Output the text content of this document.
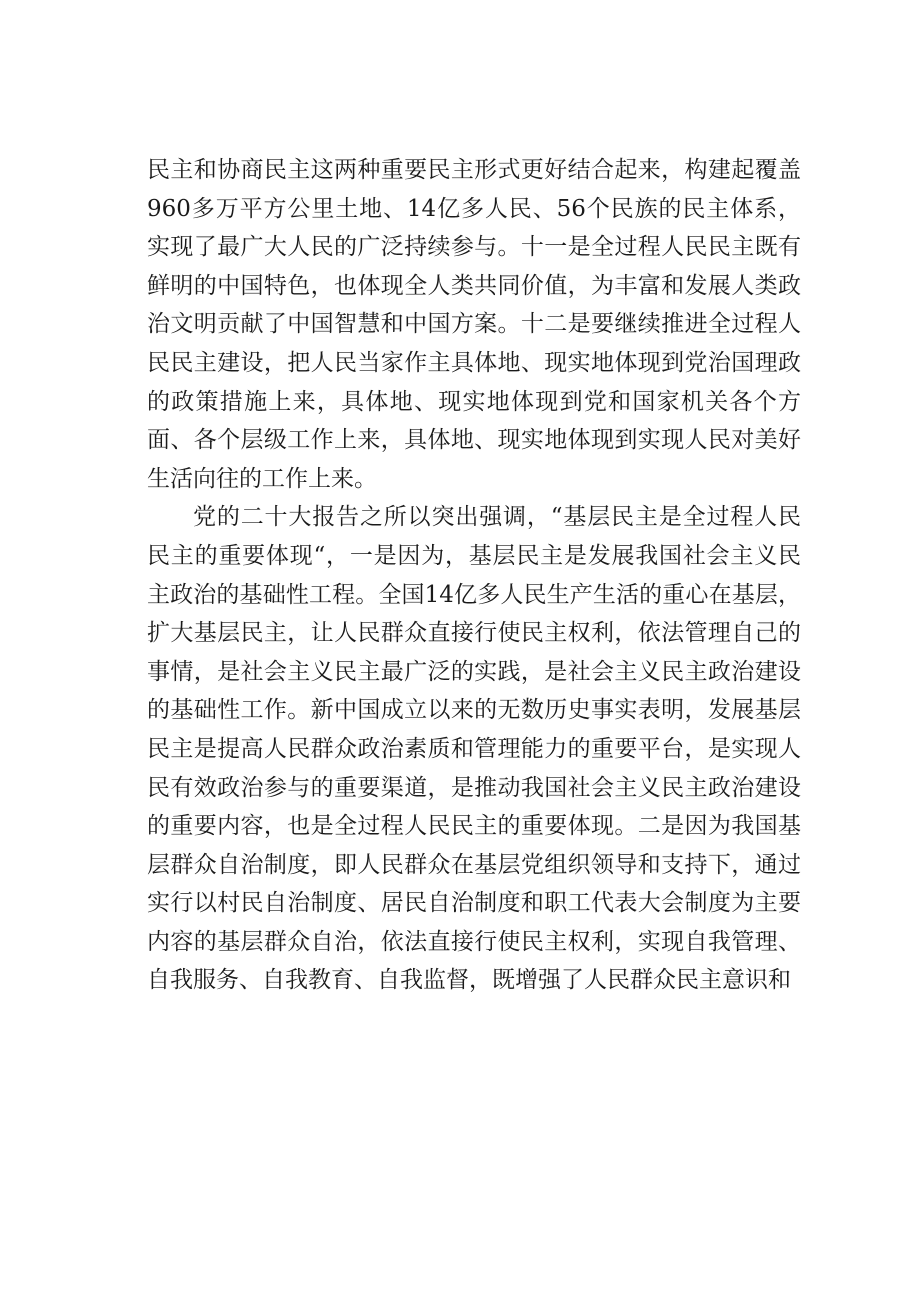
民主和协商民主这两种重要民主形式更好结合起来，构建起覆盖960多万平方公里土地、14亿多人民、56个民族的民主体系，实现了最广大人民的广泛持续参与。十一是全过程人民民主既有鲜明的中国特色，也体现全人类共同价值，为丰富和发展人类政治文明贡献了中国智慧和中国方案。十二是要继续推进全过程人民民主建设，把人民当家作主具体地、现实地体现到党治国理政的政策措施上来，具体地、现实地体现到党和国家机关各个方面、各个层级工作上来，具体地、现实地体现到实现人民对美好生活向往的工作上来。

党的二十大报告之所以突出强调，“基层民主是全过程人民民主的重要体现“，一是因为，基层民主是发展我国社会主义民主政治的基础性工程。全国14亿多人民生产生活的重心在基层，扩大基层民主，让人民群众直接行使民主权利，依法管理自己的事情，是社会主义民主最广泛的实践，是社会主义民主政治建设的基础性工作。新中国成立以来的无数历史事实表明，发展基层民主是提高人民群众政治素质和管理能力的重要平台，是实现人民有效政治参与的重要渠道，是推动我国社会主义民主政治建设的重要内容，也是全过程人民民主的重要体现。二是因为我国基层群众自治制度，即人民群众在基层党组织领导和支持下，通过实行以村民自治制度、居民自治制度和职工代表大会制度为主要内容的基层群众自治，依法直接行使民主权利，实现自我管理、自我服务、自我教育、自我监督，既增强了人民群众民主意识和
